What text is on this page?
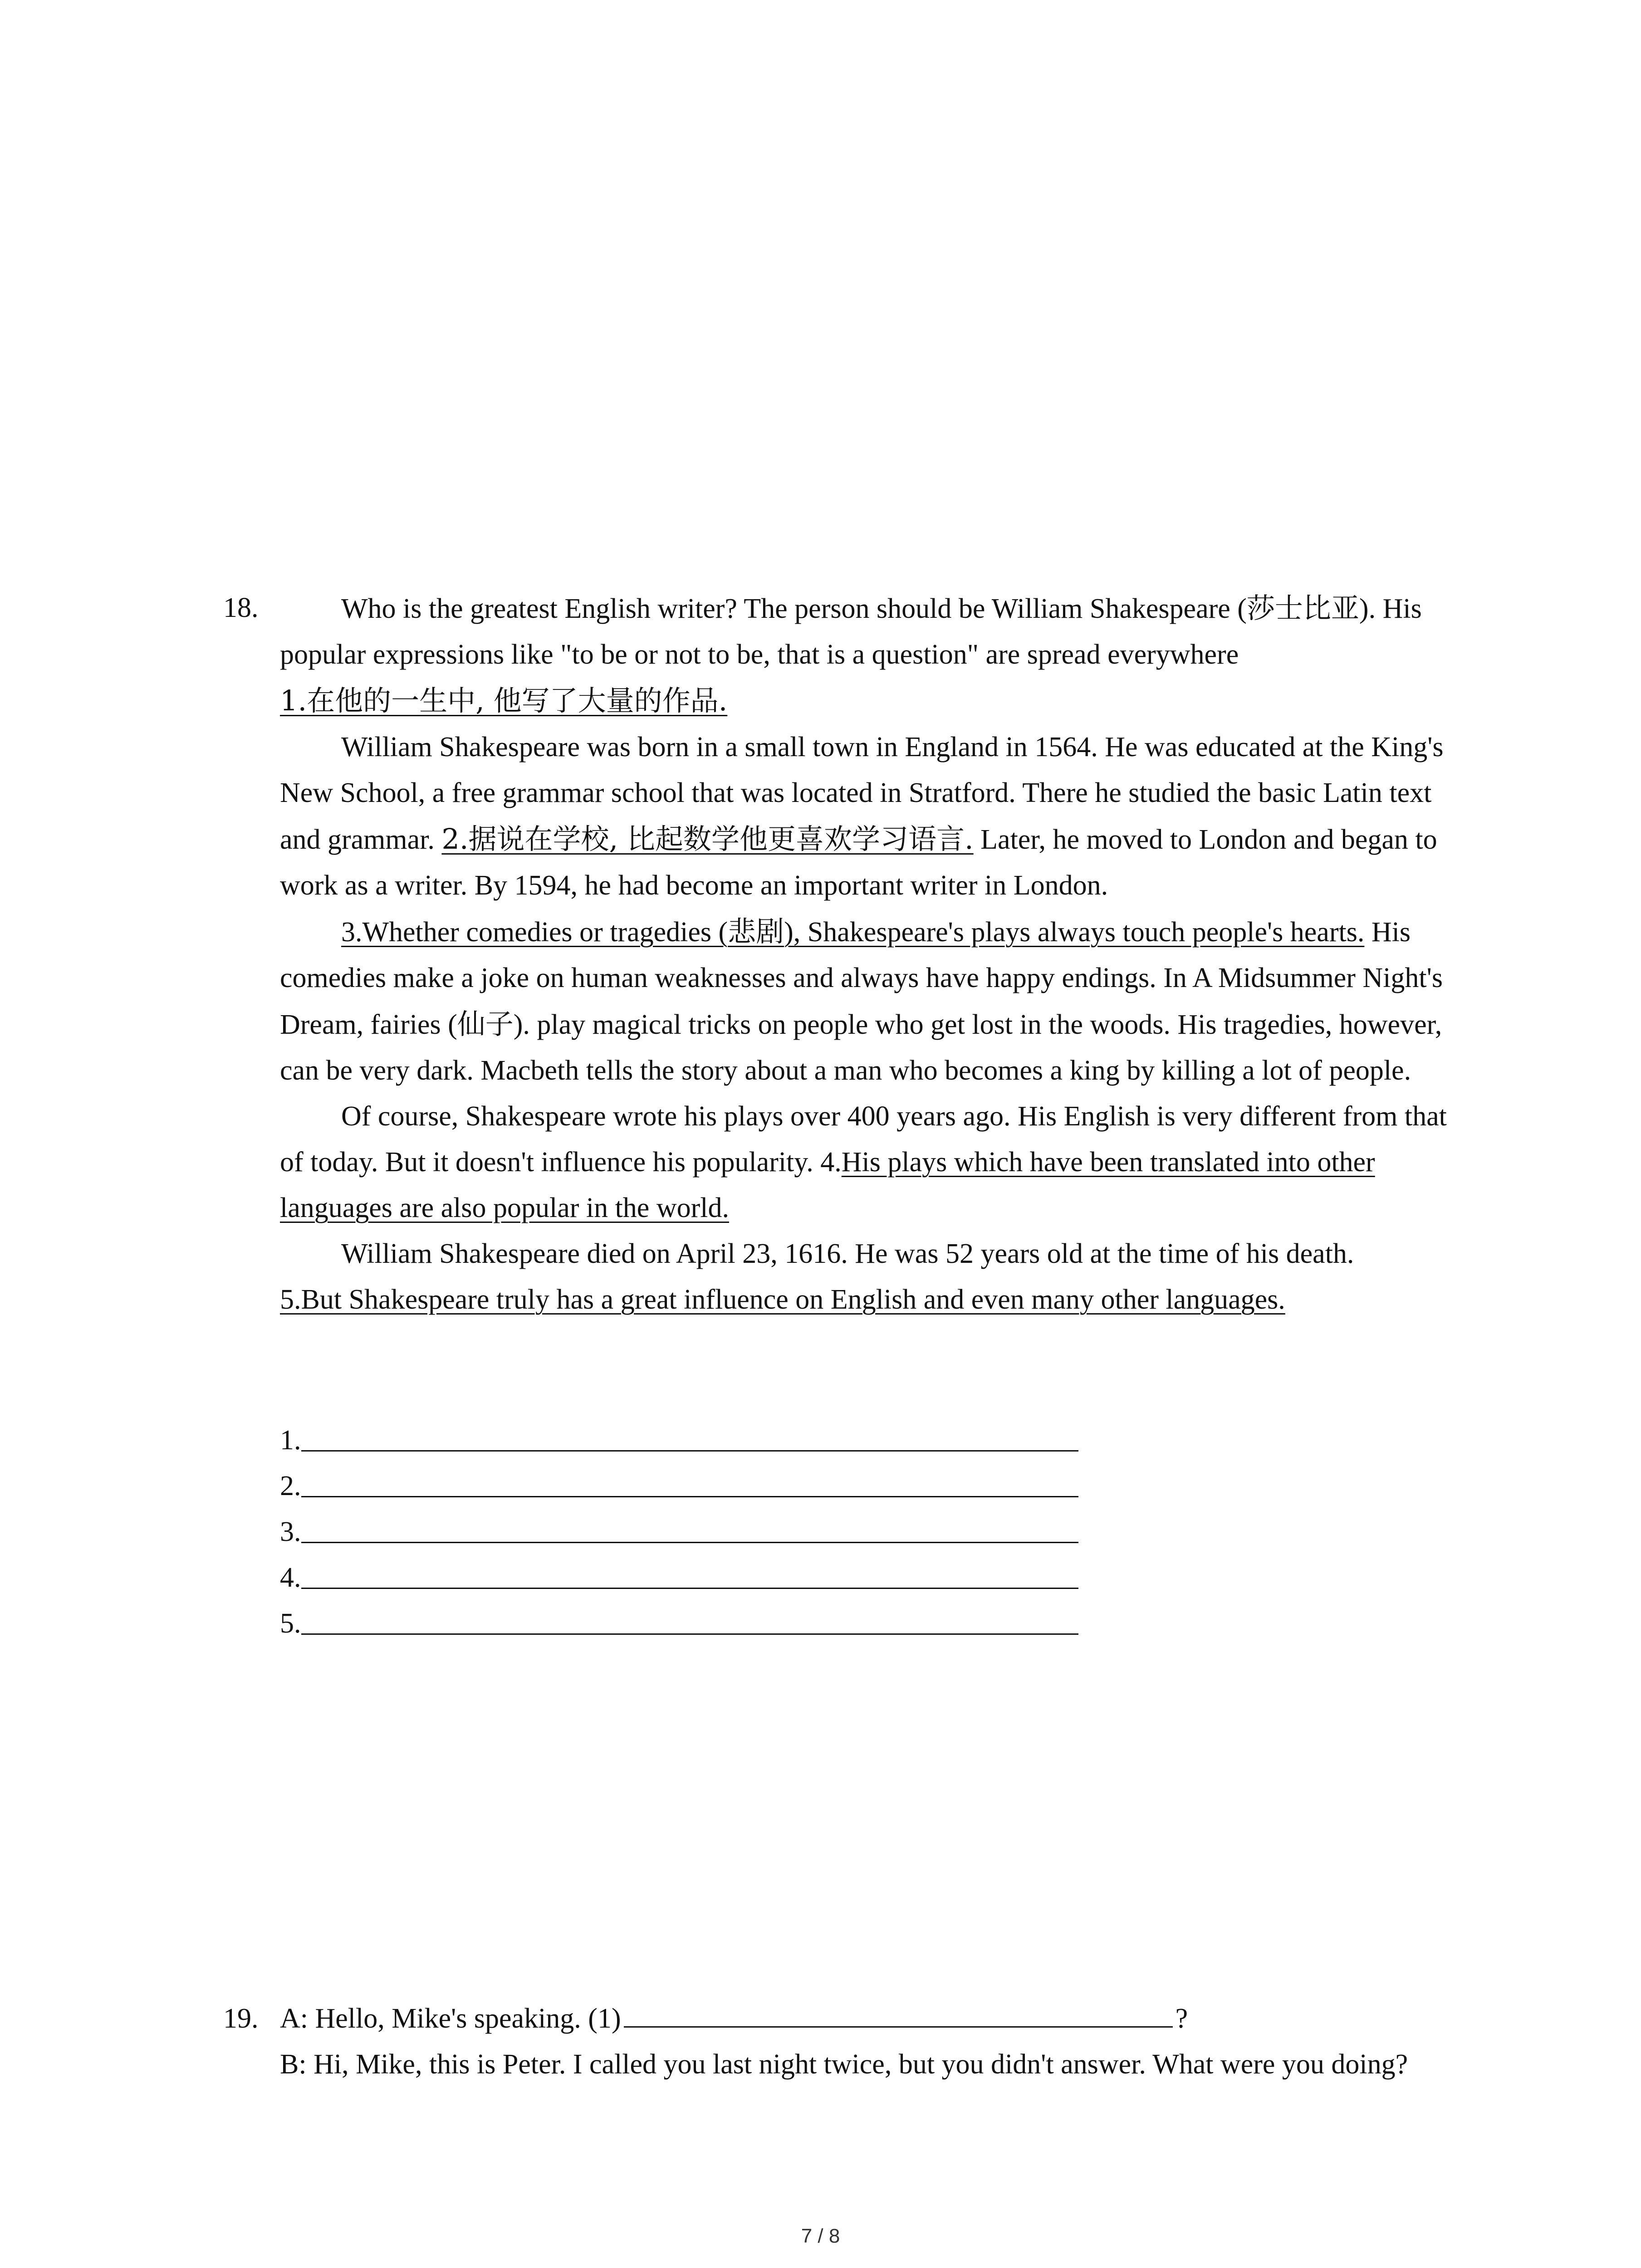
18.	Who is the greatest English writer? The person should be William Shakespeare (莎士比亚). His popular expressions like "to be or not to be, that is a question" are spread everywhere
1.在他的一生中, 他写了大量的作品.

William Shakespeare was born in a small town in England in 1564. He was educated at the King's New School, a free grammar school that was located in Stratford. There he studied the basic Latin text and grammar. 2.据说在学校, 比起数学他更喜欢学习语言. Later, he moved to London and began to work as a writer. By 1594, he had become an important writer in London.

3.Whether comedies or tragedies (悲剧), Shakespeare's plays always touch people's hearts. His comedies make a joke on human weaknesses and always have happy endings. In A Midsummer Night's Dream, fairies (仙子). play magical tricks on people who get lost in the woods. His tragedies, however, can be very dark. Macbeth tells the story about a man who becomes a king by killing a lot of people.

Of course, Shakespeare wrote his plays over 400 years ago. His English is very different from that of today. But it doesn't influence his popularity. 4.His plays which have been translated into other languages are also popular in the world.

William Shakespeare died on April 23, 1616. He was 52 years old at the time of his death.
5.But Shakespeare truly has a great influence on English and even many other languages.

1.
2.
3.
4.
5.
19. A: Hello, Mike's speaking. (1)	?
B: Hi, Mike, this is Peter. I called you last night twice, but you didn't answer. What were you doing?
7 / 8
